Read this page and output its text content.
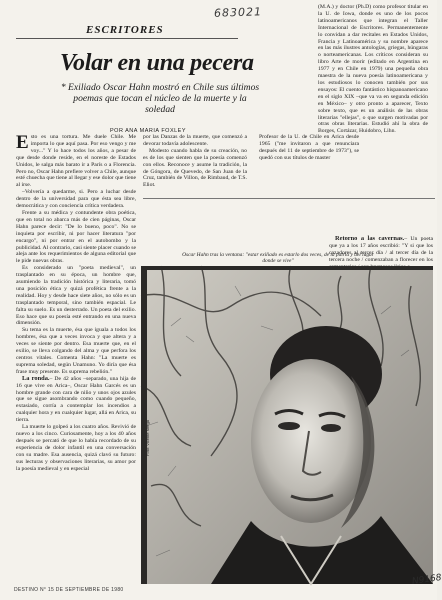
683021
ESCRITORES
Volar en una pecera
* Exiliado Oscar Hahn mostró en Chile sus últimos poemas que tocan el núcleo de la muerte y la soledad
POR ANA MARIA FOXLEY

Esto es una tortura. Me duele Chile. Me importa lo que aquí pasa. Por eso vengo y me voy..." Y lo hace todos los años, a pesar de que desde donde reside, en el noreste de Estados Unidos, le salga más barato ir a París o a Florencia. Pero no, Oscar Hahn prefiere volver a Chile, aunque esté chuecha que tiene al llegar y ese dolor que tiene al irse.

–Volvería a quedarme, si. Pero a luchar desde dentro de la universidad para que ésta sea libre, democrática y con conciencia crítica verdadera.

Frente a su médica y contundente obra poética, que en total no abarca más de cien páginas, Oscar Hahn parece decir: "De lo bueno, poco". No se inquieta por escribir, ni por hacer literatura "por encargo", ni por entrar en el autobombo y la publicidad. Al contrario, casi siente placer cuando se aleja ante los requerimientos de alguna editorial que le pide nuevas obras.

Es considerado un "poeta medieval", un trasplantado en su época, un hombre que, asumiendo la tradición histórica y literaria, tomó una posición ética y quizá profética frente a la realidad. Hoy y desde hace siete años, no sólo es un trasplantado temporal, sino también espacial. Le falta su suelo. Es un desterrado. Un poeta del exilio. Eso hace que su poesía esté entrando en una nueva dimensión.

Su tema es la muerte, ésa que iguala a todos los hombres, ésa que a veces invoca y que altera y a veces se siente por dentro. Esa muerte que, en el exilio, se lleva colgando del alma y que perfora los centros vitales. Comenta Hahn: "La muerte es suprema soledad, según Unamuno. Yo diría que ésa frase muy presente. Es suprema rebelión."

La ronda.– De 42 años –separado, una hija de 16 que vive en Arica–, Oscar Hahn Garcés es un hombre grande con cara de niño y unos ojos azules que se sigue asombrando como cuando pequeño, extasiado, corría a contemplar los incendios a cualquier hora y en cualquier lugar, allá en Arica, su tierra.

La muerte lo golpeó a los cuatro años. Revivió de nuevo a los cinco. Curiosamente, hoy a los 40 años después se percató de que lo había recordado de su experiencia de dolor infantil en una conversación con su madre. Esa ausencia, quizá clavó su futuro: sus lecturas y observaciones literarias, su amor por la poesía medieval y en especial

por las Danzas de la muerte, que comenzó a devorar todavía adolescente.

Modesto cuando habla de su creación, no es de los que sienten que la poesía comenzó con ellos. Reconoce y asume la tradición, la de Góngora, de Quevedo, de San Juan de la Cruz, también de Villon, de Rimbaud, de T.S. Eliot.

Profesor de la U. de Chile en Arica desde 1965 ("me invitaron a que renunciara después del 11 de septiembre de 1973"), se quedó con sus títulos de master

(M.A.) y doctor (Ph.D) como profesor titular en la U. de Iowa, donde es uno de los pocos latinoamericanos que integran el Taller Internacional de Escritores. Permanentemente lo convidan a dar recitales en Estados Unidos, Francia y Latinoamérica y su nombre aparece en las más ilustres antologías, griegas, húngaras o norteamericanas. Los críticos consideran su libro Arte de morir (editado en Argentina en 1977 y en Chile en 1979) una pequeña obra maestra de la nueva poesía latinoamericana y los estudiosos lo conocen también por sus ensayos: El cuento fantástico hispanoamericano en el siglo XIX –que va va en segunda edición en México– y otro pronto a aparecer, Texto sobre texto, que es un análisis de las obras literarias "ellejas", o que surgen motivadas por otras obras literarias. Estudió ahí la obra de Borges, Cortázar, Huidobro, Lihn.

Retorno a las cavernas.– Un poeta que ya a los 17 años escribió: "Y si que los cazadores al tercer día / al tercer día de la tercera noche / comenzaban a florecer en los

Oscar Hahn tras la ventana: "estar exiliado es estarlo dos veces, de la patria y del lugar donde se vive"
Foto: Vicente Mérga
DESTINO N° 15 DE SEPTIEMBRE DE 1980
N9168
